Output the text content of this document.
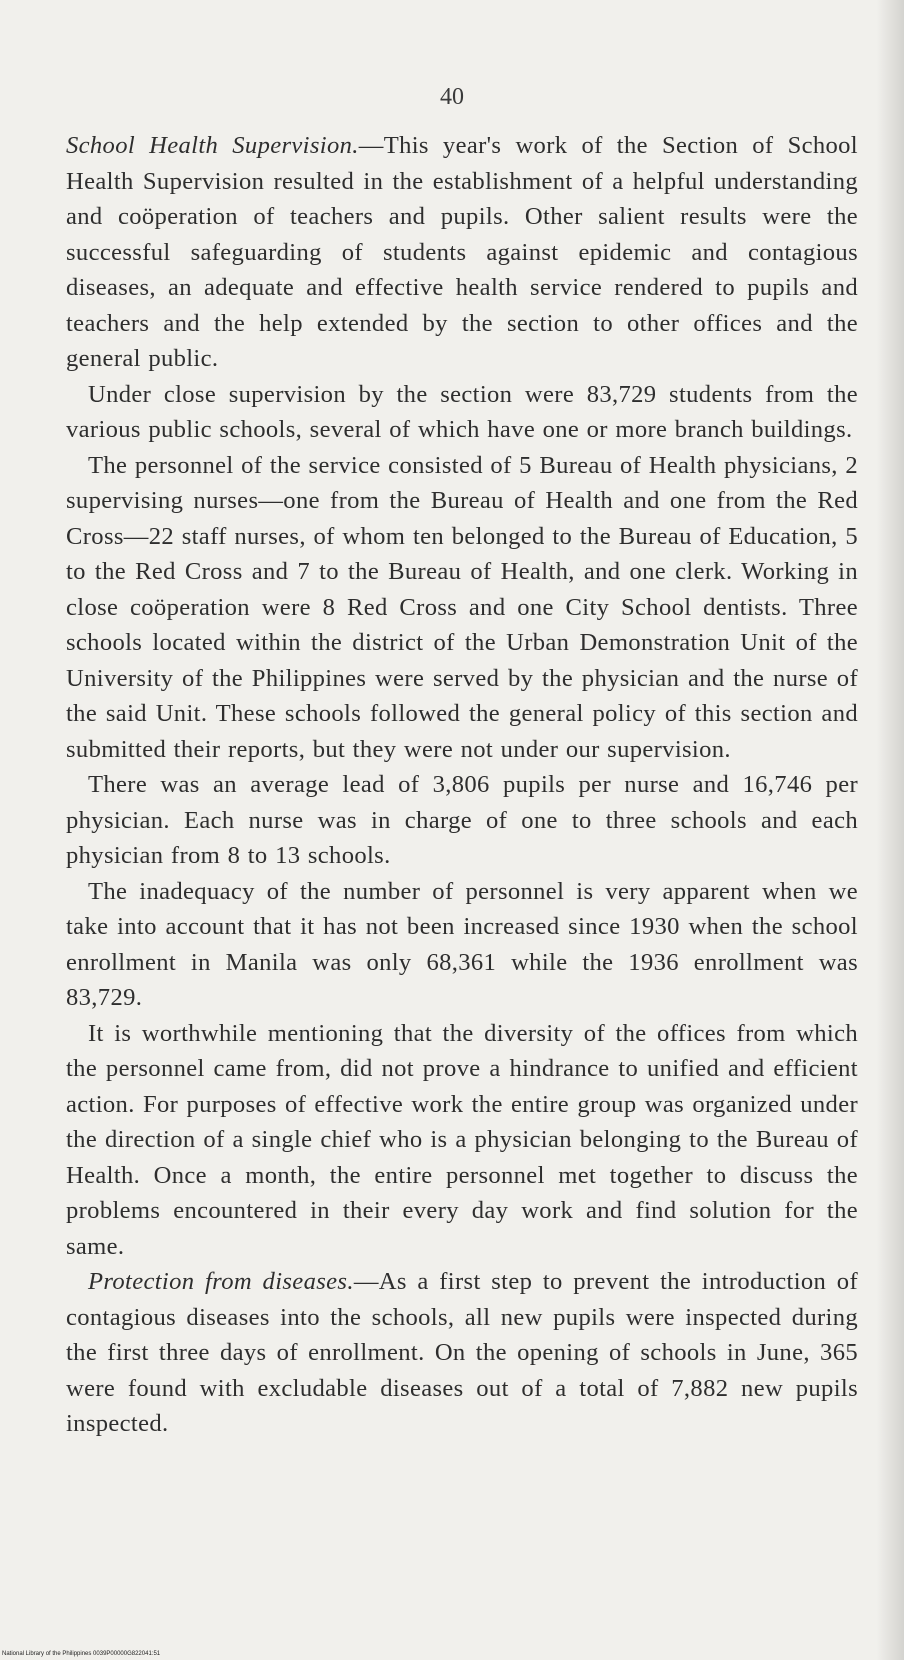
40

School Health Supervision.—This year's work of the Section of School Health Supervision resulted in the establishment of a helpful understanding and coöperation of teachers and pupils. Other salient results were the successful safeguarding of students against epidemic and contagious diseases, an adequate and effective health service rendered to pupils and teachers and the help extended by the section to other offices and the general public.

Under close supervision by the section were 83,729 students from the various public schools, several of which have one or more branch buildings.

The personnel of the service consisted of 5 Bureau of Health physicians, 2 supervising nurses—one from the Bureau of Health and one from the Red Cross—22 staff nurses, of whom ten belonged to the Bureau of Education, 5 to the Red Cross and 7 to the Bureau of Health, and one clerk. Working in close coöperation were 8 Red Cross and one City School dentists. Three schools located within the district of the Urban Demonstration Unit of the University of the Philippines were served by the physician and the nurse of the said Unit. These schools followed the general policy of this section and submitted their reports, but they were not under our supervision.

There was an average lead of 3,806 pupils per nurse and 16,746 per physician. Each nurse was in charge of one to three schools and each physician from 8 to 13 schools.

The inadequacy of the number of personnel is very apparent when we take into account that it has not been increased since 1930 when the school enrollment in Manila was only 68,361 while the 1936 enrollment was 83,729.

It is worthwhile mentioning that the diversity of the offices from which the personnel came from, did not prove a hindrance to unified and efficient action. For purposes of effective work the entire group was organized under the direction of a single chief who is a physician belonging to the Bureau of Health. Once a month, the entire personnel met together to discuss the problems encountered in their every day work and find solution for the same.

Protection from diseases.—As a first step to prevent the introduction of contagious diseases into the schools, all new pupils were inspected during the first three days of enrollment. On the opening of schools in June, 365 were found with excludable diseases out of a total of 7,882 new pupils inspected.

National Library of the Philippines 0039P00000G822041:51
